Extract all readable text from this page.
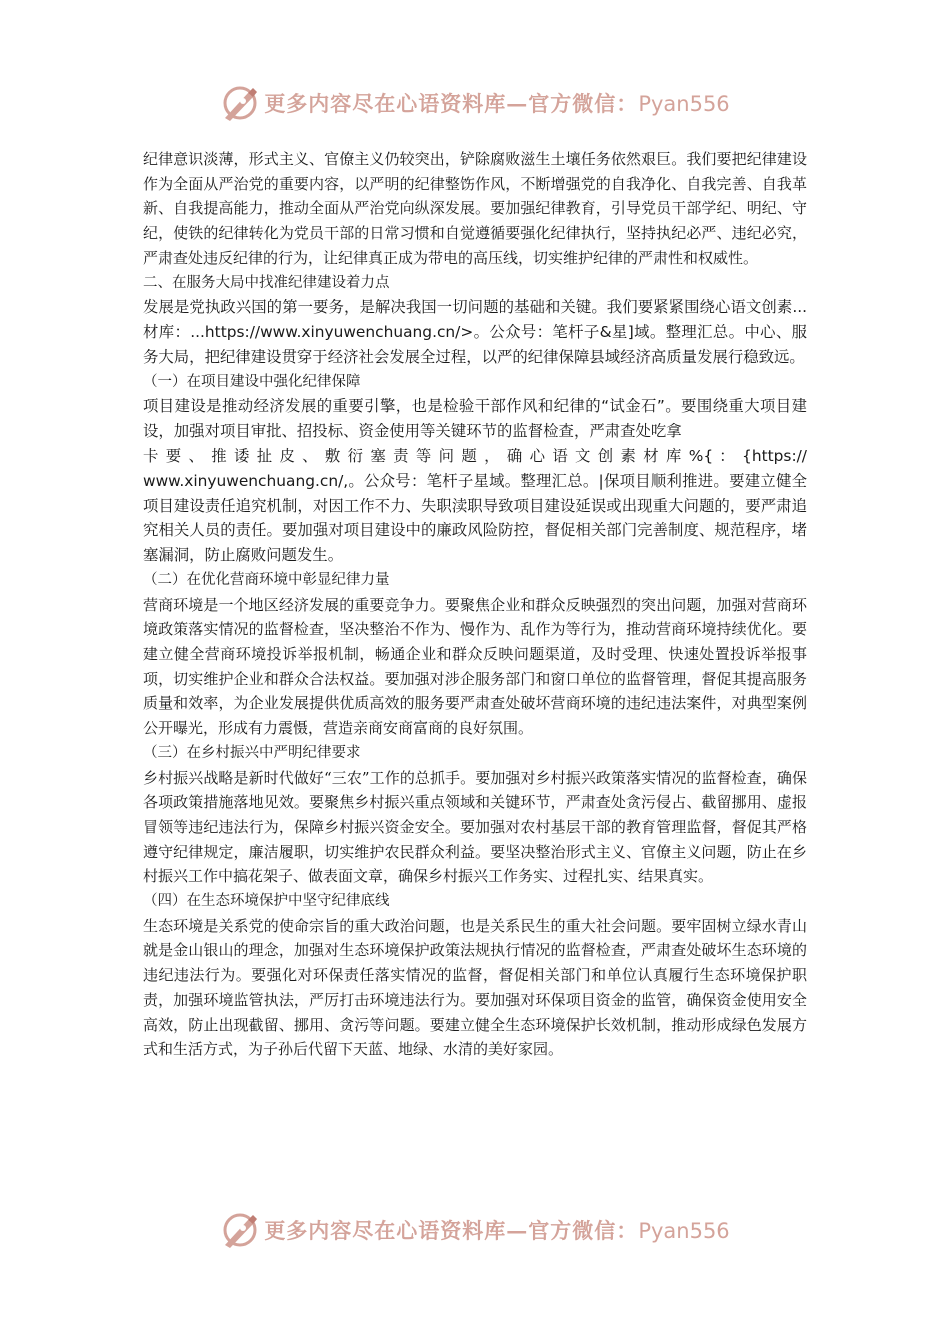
更多内容尽在心语资料库—官方微信：Pyan556

纪律意识淡薄，形式主义、官僚主义仍较突出，铲除腐败滋生土壤任务依然艰巨。我们要把纪律建设作为全面从严治党的重要内容，以严明的纪律整饬作风，不断增强党的自我净化、自我完善、自我革新、自我提高能力，推动全面从严治党向纵深发展。要加强纪律教育，引导党员干部学纪、明纪、守纪，使铁的纪律转化为党员干部的日常习惯和自觉遵循要强化纪律执行，坚持执纪必严、违纪必究，严肃查处违反纪律的行为，让纪律真正成为带电的高压线，切实维护纪律的严肃性和权威性。

二、在服务大局中找准纪律建设着力点

发展是党执政兴国的第一要务，是解决我国一切问题的基础和关键。我们要紧紧围绕心语文创素...材库：...https://www.xinyuwenchuang.cn/>。公众号：笔杆子&星]域。整理汇总。中心、服务大局，把纪律建设贯穿于经济社会发展全过程，以严的纪律保障县域经济高质量发展行稳致远。

（一）在项目建设中强化纪律保障

项目建设是推动经济发展的重要引擎，也是检验干部作风和纪律的“试金石”。要围绕重大项目建设，加强对项目审批、招投标、资金使用等关键环节的监督检查，严肃查处吃拿

卡 要 、 推 诿 扯 皮 、 敷 衍 塞 责 等 问 题 ， 确 心 语 文 创 素 材 库 %{ ： {https://

www.xinyuwenchuang.cn/,。公众号：笔杆子星域。整理汇总。|保项目顺利推进。要建立健全项目建设责任追究机制，对因工作不力、失职渎职导致项目建设延误或出现重大问题的，要严肃追究相关人员的责任。要加强对项目建设中的廉政风险防控，督促相关部门完善制度、规范程序，堵塞漏洞，防止腐败问题发生。

（二）在优化营商环境中彰显纪律力量

营商环境是一个地区经济发展的重要竞争力。要聚焦企业和群众反映强烈的突出问题，加强对营商环境政策落实情况的监督检查，坚决整治不作为、慢作为、乱作为等行为，推动营商环境持续优化。要建立健全营商环境投诉举报机制，畅通企业和群众反映问题渠道，及时受理、快速处置投诉举报事项，切实维护企业和群众合法权益。要加强对涉企服务部门和窗口单位的监督管理，督促其提高服务质量和效率，为企业发展提供优质高效的服务要严肃查处破坏营商环境的违纪违法案件，对典型案例公开曝光，形成有力震慑，营造亲商安商富商的良好氛围。

（三）在乡村振兴中严明纪律要求

乡村振兴战略是新时代做好“三农”工作的总抓手。要加强对乡村振兴政策落实情况的监督检查，确保各项政策措施落地见效。要聚焦乡村振兴重点领域和关键环节，严肃查处贪污侵占、截留挪用、虚报冒领等违纪违法行为，保障乡村振兴资金安全。要加强对农村基层干部的教育管理监督，督促其严格遵守纪律规定，廉洁履职，切实维护农民群众利益。要坚决整治形式主义、官僚主义问题，防止在乡村振兴工作中搞花架子、做表面文章，确保乡村振兴工作务实、过程扎实、结果真实。

（四）在生态环境保护中坚守纪律底线

生态环境是关系党的使命宗旨的重大政治问题，也是关系民生的重大社会问题。要牢固树立绿水青山就是金山银山的理念，加强对生态环境保护政策法规执行情况的监督检查，严肃查处破坏生态环境的违纪违法行为。要强化对环保责任落实情况的监督，督促相关部门和单位认真履行生态环境保护职责，加强环境监管执法，严厉打击环境违法行为。要加强对环保项目资金的监管，确保资金使用安全高效，防止出现截留、挪用、贪污等问题。要建立健全生态环境保护长效机制，推动形成绿色发展方式和生活方式，为子孙后代留下天蓝、地绿、水清的美好家园。

更多内容尽在心语资料库—官方微信：Pyan556
